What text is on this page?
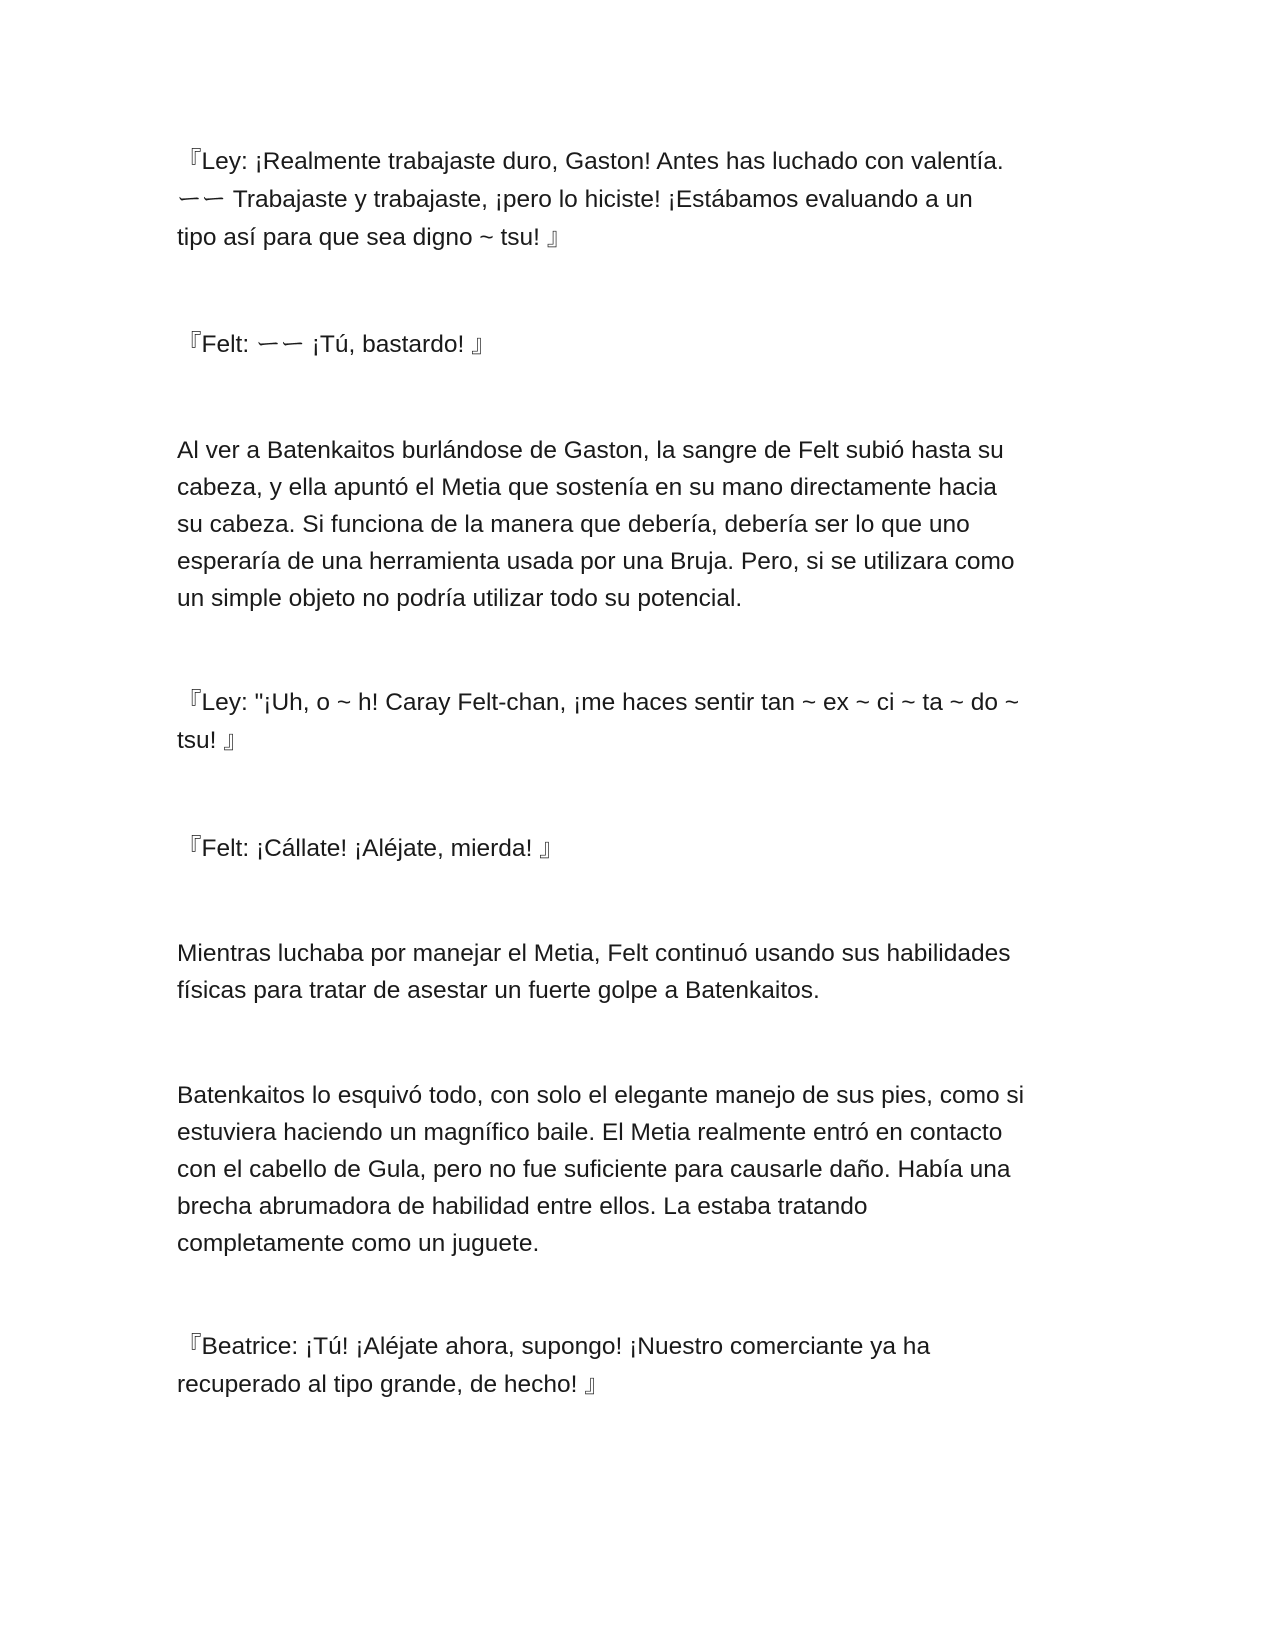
『Ley: ¡Realmente trabajaste duro, Gaston! Antes has luchado con valentía.
ーー Trabajaste y trabajaste, ¡pero lo hiciste! ¡Estábamos evaluando a un
tipo así para que sea digno ~ tsu! 』

『Felt: ーー ¡Tú, bastardo! 』

Al ver a Batenkaitos burlándose de Gaston, la sangre de Felt subió hasta su
cabeza, y ella apuntó el Metia que sostenía en su mano directamente hacia
su cabeza. Si funciona de la manera que debería, debería ser lo que uno
esperaría de una herramienta usada por una Bruja. Pero, si se utilizara como
un simple objeto no podría utilizar todo su potencial.

『Ley: "¡Uh, o ~ h! Caray Felt-chan, ¡me haces sentir tan ~ ex ~ ci ~ ta ~ do ~
tsu! 』

『Felt: ¡Cállate! ¡Aléjate, mierda! 』

Mientras luchaba por manejar el Metia, Felt continuó usando sus habilidades
físicas para tratar de asestar un fuerte golpe a Batenkaitos.

Batenkaitos lo esquivó todo, con solo el elegante manejo de sus pies, como si
estuviera haciendo un magnífico baile. El Metia realmente entró en contacto
con el cabello de Gula, pero no fue suficiente para causarle daño. Había una
brecha abrumadora de habilidad entre ellos. La estaba tratando
completamente como un juguete.

『Beatrice: ¡Tú! ¡Aléjate ahora, supongo! ¡Nuestro comerciante ya ha
recuperado al tipo grande, de hecho! 』
